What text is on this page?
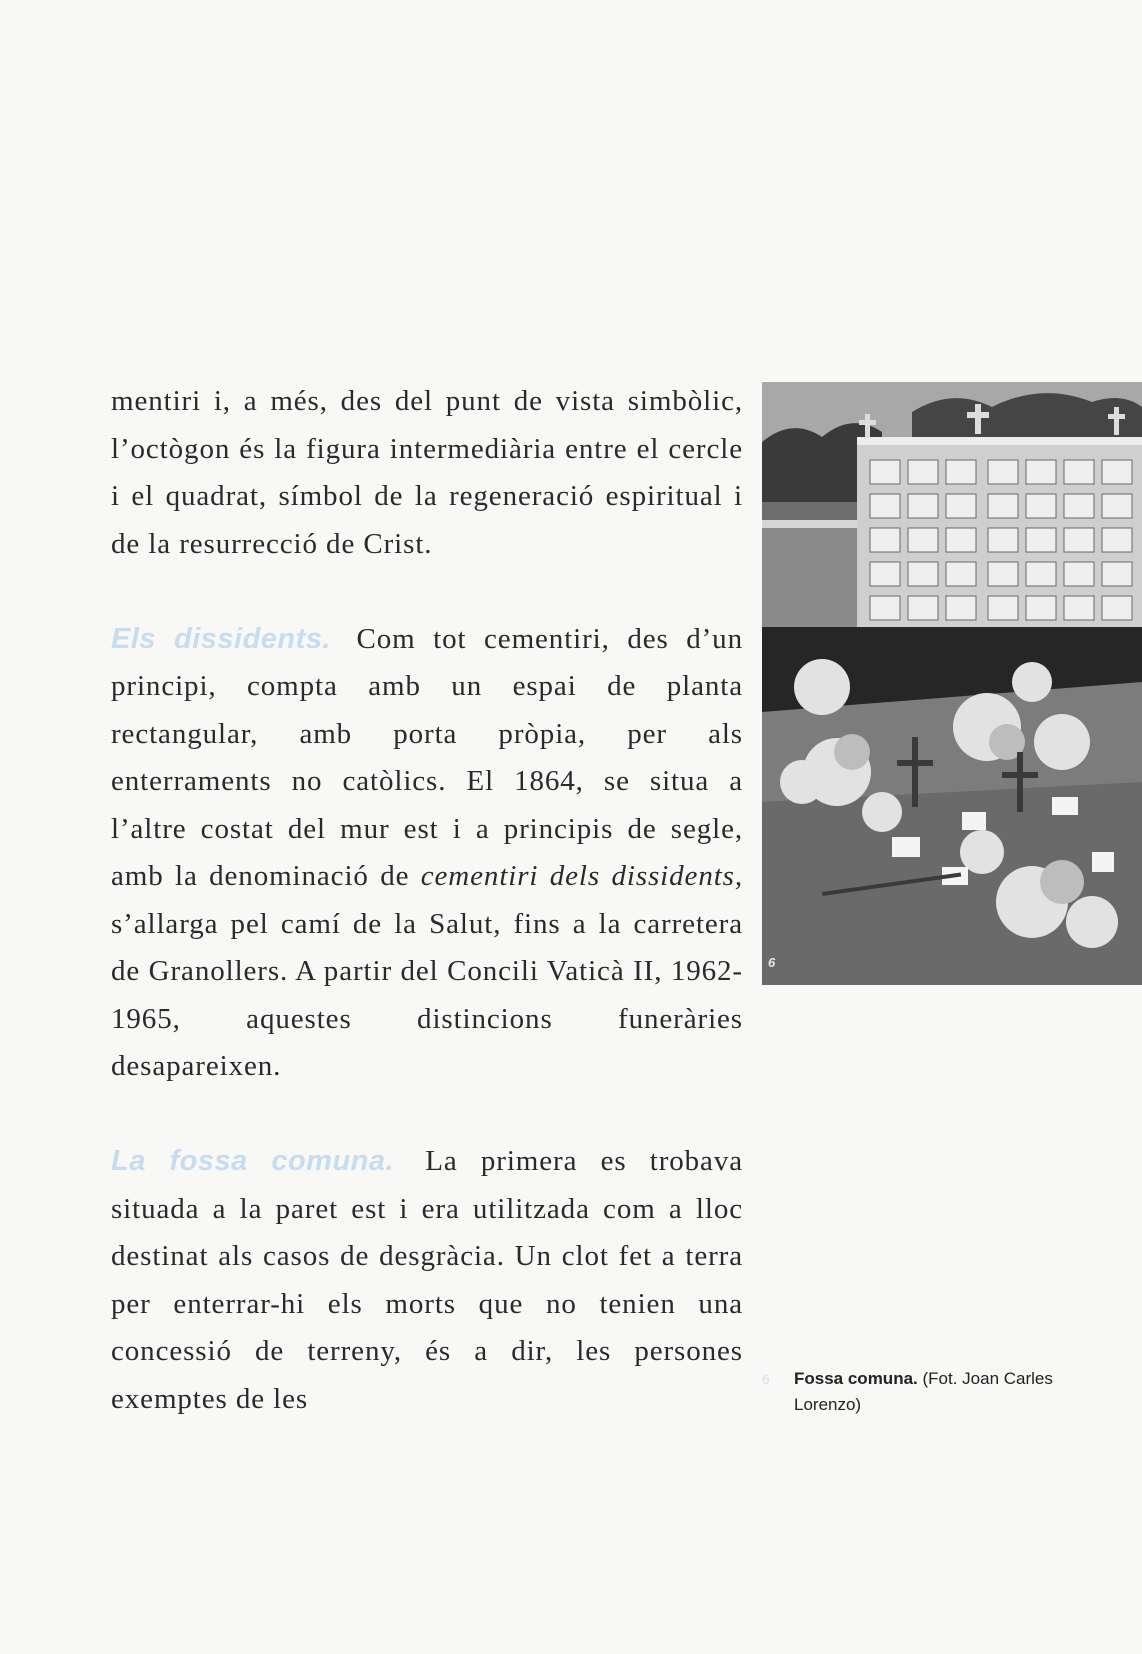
mentiri i, a més, des del punt de vista simbòlic, l’octògon és la figura intermediària entre el cercle i el quadrat, símbol de la regeneració espiritual i de la resurrecció de Crist.

Els dissidents. Com tot cementiri, des d’un principi, compta amb un espai de planta rectangular, amb porta pròpia, per als enterraments no catòlics. El 1864, se situa a l’altre costat del mur est i a principis de segle, amb la denominació de cementiri dels dissidents, s’allarga pel camí de la Salut, fins a la carretera de Granollers. A partir del Concili Vaticà II, 1962-1965, aquestes distincions funeràries desapareixen.

La fossa comuna. La primera es trobava situada a la paret est i era utilitzada com a lloc destinat als casos de desgràcia. Un clot fet a terra per enterrar-hi els morts que no tenien una concessió de terreny, és a dir, les persones exemptes de les

6
6 Fossa comuna. (Fot. Joan Carles Lorenzo)
